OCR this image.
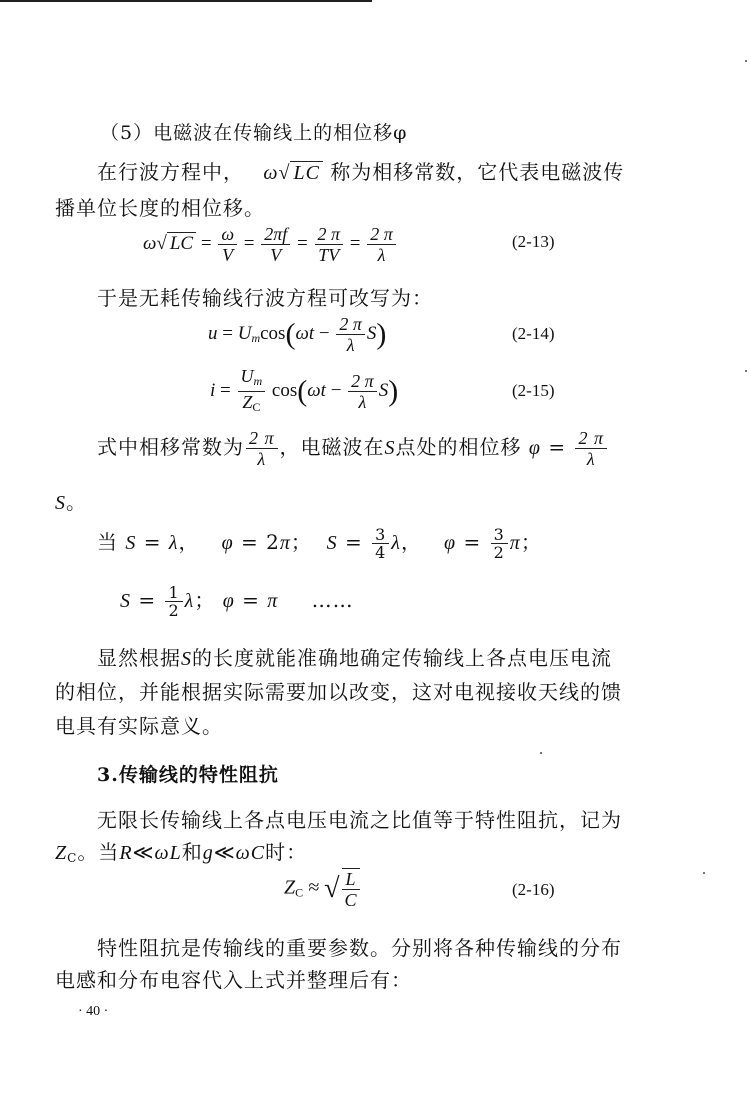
（5）电磁波在传输线上的相位移φ
在行波方程中， ω√ LC 称为相移常数，它代表电磁波传
播单位长度的相位移。
ω√ LC = $\frac{\omega}{V} = \frac{2\pi f}{V} = \frac{2 \pi}{TV} = \frac{2 \pi}{\lambda}$	(2-13)
于是无耗传输线行波方程可改写为：
$u = U_m\cos(\omega t - \frac{2 \pi}{\lambda} S)$	(2-14)
$i = \frac{U_m}{Z_C} \cos(\omega t - \frac{2 \pi}{\lambda} S)$	(2-15)
式中相移常数为 $\frac{2 \pi}{\lambda}$ ，电磁波在S点处的相位移 $\varphi = \frac{2 \pi}{\lambda}$
S。
当 S = λ，   φ = 2π；  $S = \frac{3}{4}$ λ，   $\varphi = \frac{3}{2}$ π；
$S = \frac{1}{2}$ λ； φ = π ……
显然根据S的长度就能准确地确定传输线上各点电压电流
的相位，并能根据实际需要加以改变，这对电视接收天线的馈
电具有实际意义。
3.传输线的特性阻抗
无限长传输线上各点电压电流之比值等于特性阻抗，记为
$Z_C$。当R≪ωL和g≪ωC时：
$Z_C$ ≈ √ $\frac{L}{C}$	(2-16)
特性阻抗是传输线的重要参数。分别将各种传输线的分布
电感和分布电容代入上式并整理后有：
· 40 ·
